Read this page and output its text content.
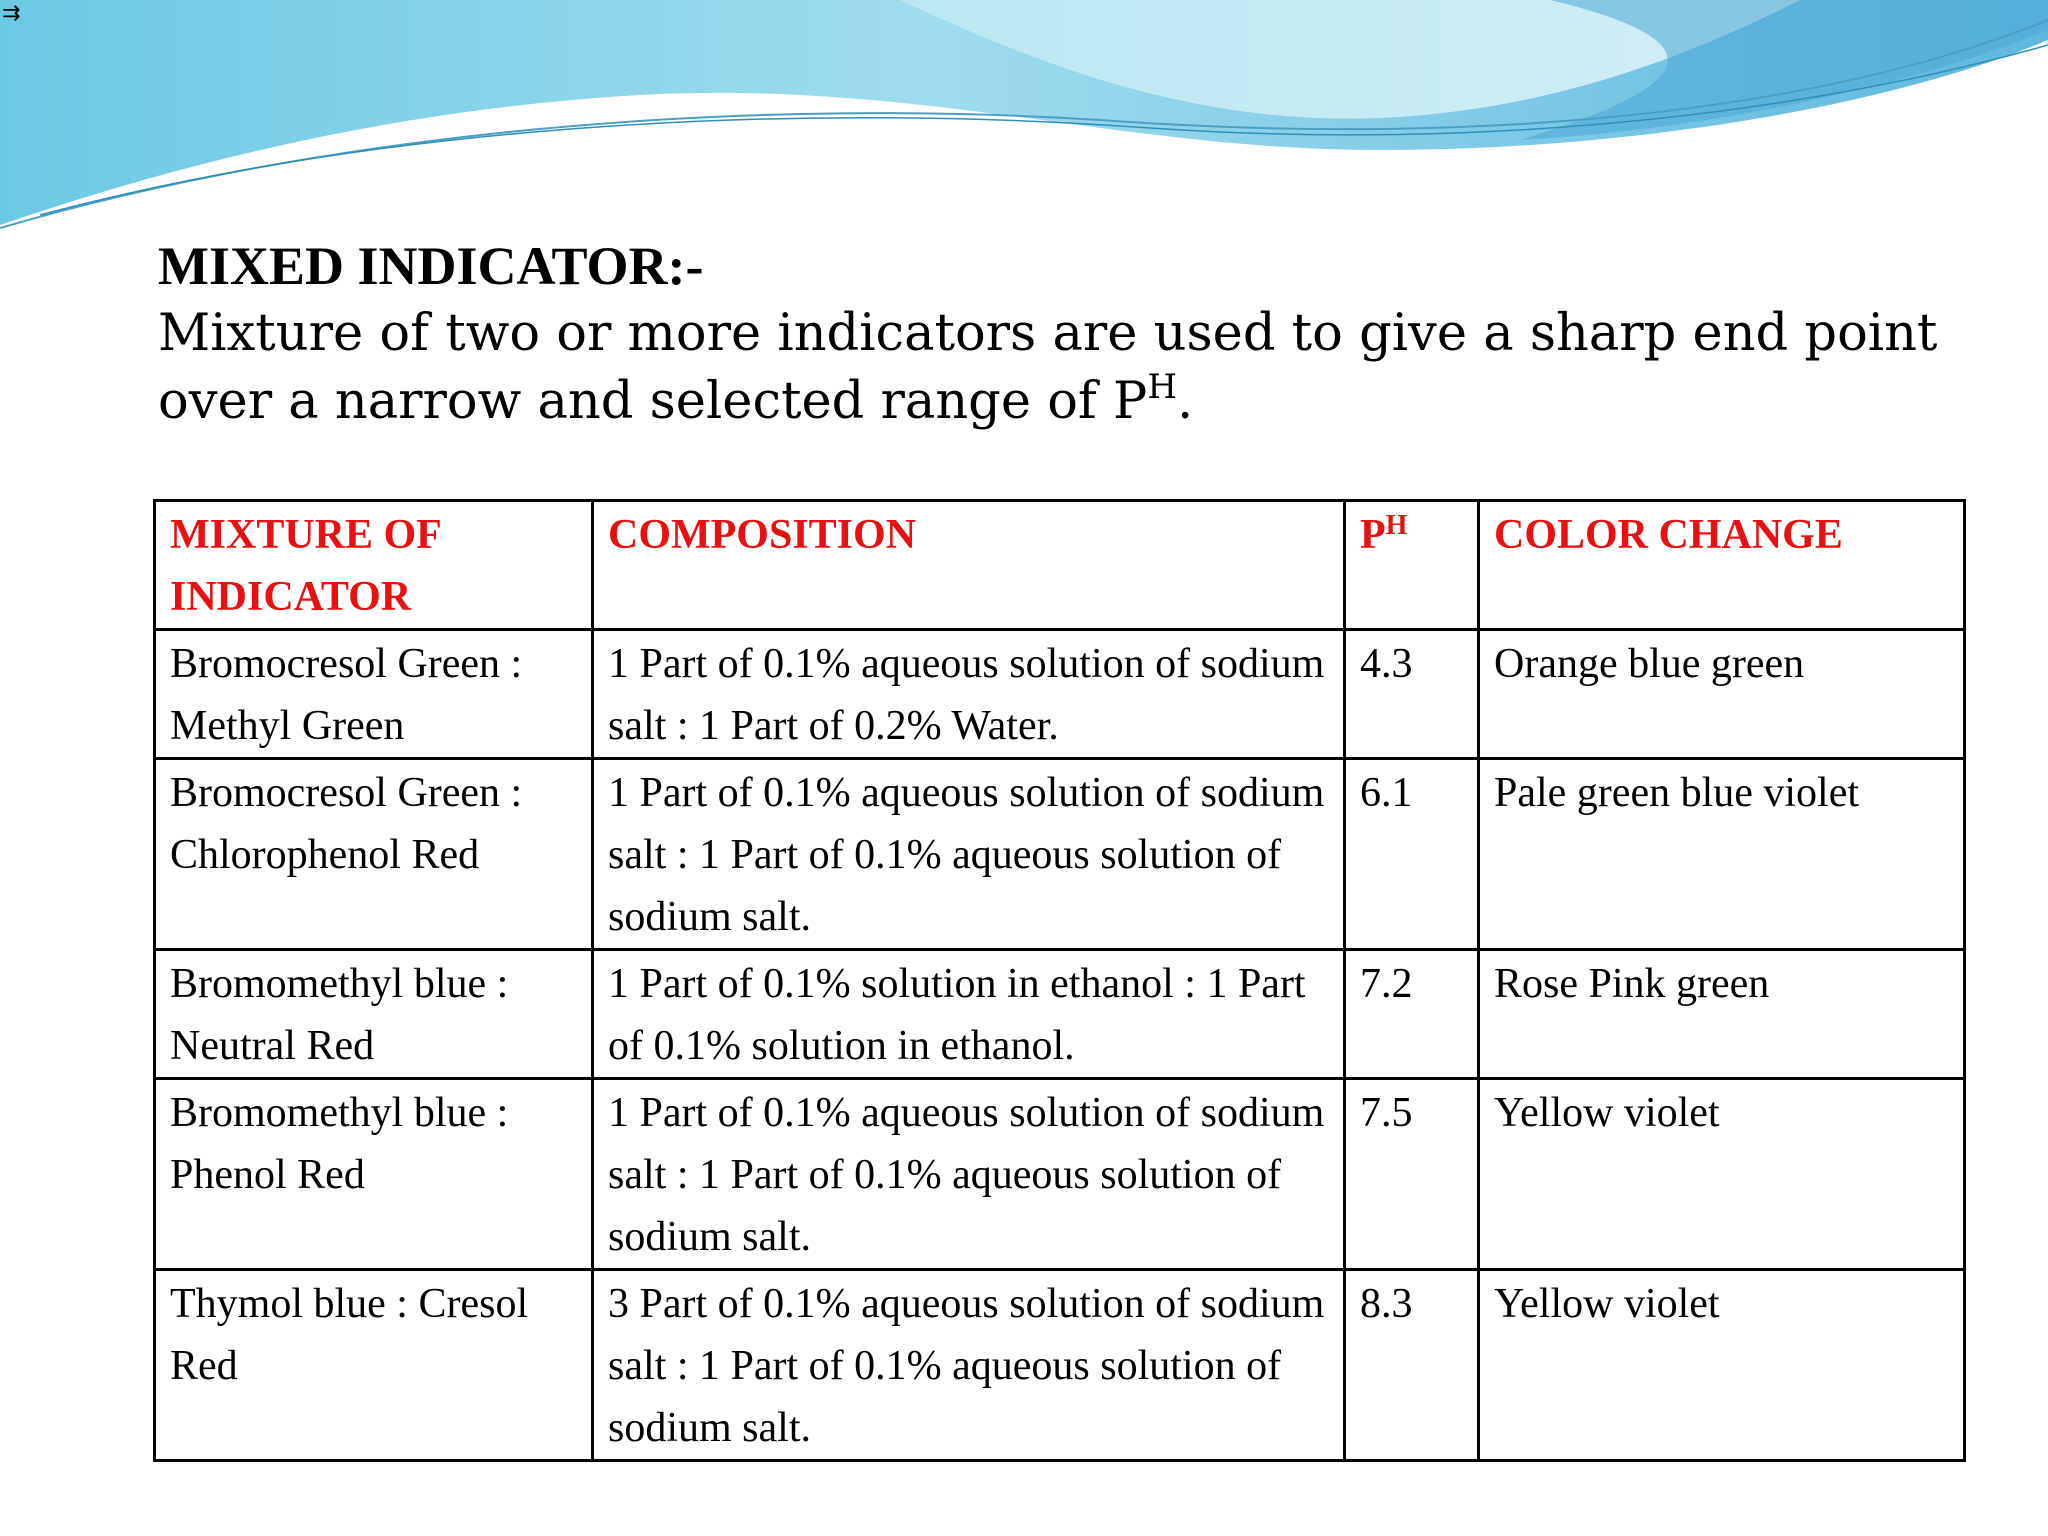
⇉

MIXED INDICATOR:-

Mixture of two or more indicators are used to give a sharp end point over a narrow and selected range of $P^H$.

MIXTURE OF INDICATOR	COMPOSITION	$P^H$	COLOR CHANGE
Bromocresol Green : Methyl Green	1 Part of 0.1% aqueous solution of sodium salt : 1 Part of 0.2% Water.	4.3	Orange blue green
Bromocresol Green : Chlorophenol Red	1 Part of 0.1% aqueous solution of sodium salt : 1 Part of 0.1% aqueous solution of sodium salt.	6.1	Pale green blue violet
Bromomethyl blue : Neutral Red	1 Part of 0.1% solution in ethanol : 1 Part of 0.1% solution in ethanol.	7.2	Rose Pink green
Bromomethyl blue : Phenol Red	1 Part of 0.1% aqueous solution of sodium salt : 1 Part of 0.1% aqueous solution of sodium salt.	7.5	Yellow violet
Thymol blue : Cresol Red	3 Part of 0.1% aqueous solution of sodium salt : 1 Part of 0.1% aqueous solution of sodium salt.	8.3	Yellow violet
